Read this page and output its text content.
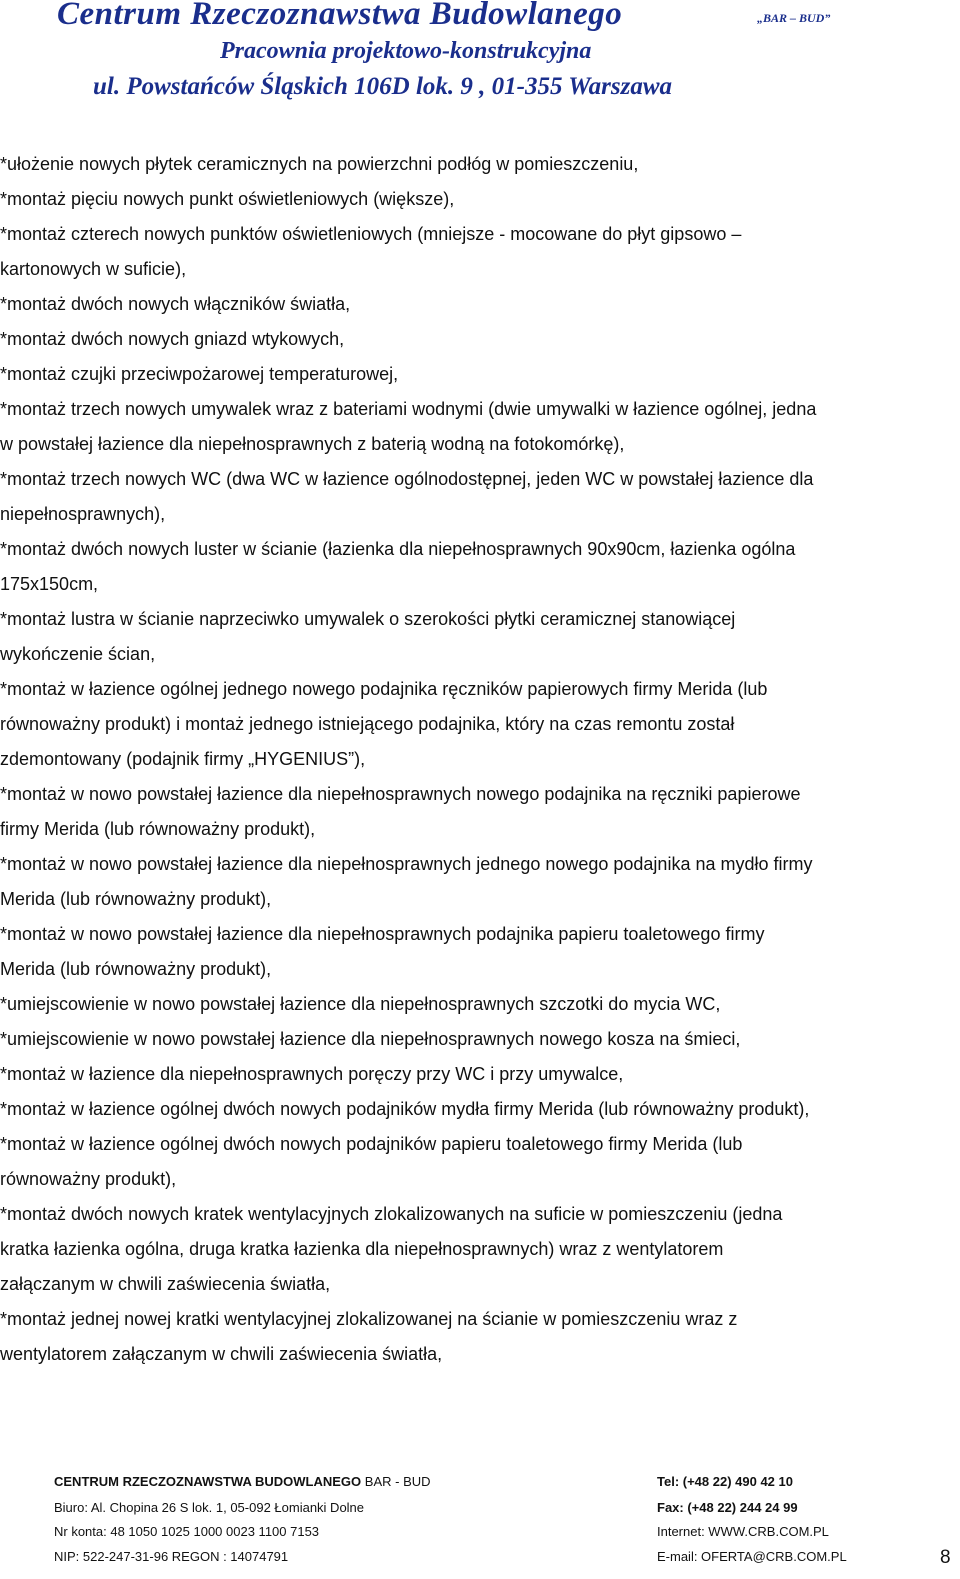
Centrum Rzeczoznawstwa Budowlanego	„BAR – BUD”
Pracownia projektowo-konstrukcyjna
ul. Powstańców Śląskich 106D lok. 9 , 01-355 Warszawa

*ułożenie nowych płytek ceramicznych na powierzchni podłóg w pomieszczeniu,

*montaż pięciu nowych punkt oświetleniowych (większe),

*montaż czterech nowych punktów oświetleniowych (mniejsze - mocowane do płyt gipsowo –

kartonowych w suficie),

*montaż dwóch nowych włączników światła,

*montaż dwóch nowych gniazd wtykowych,

*montaż czujki przeciwpożarowej temperaturowej,

*montaż trzech nowych umywalek wraz z bateriami wodnymi (dwie umywalki w łazience ogólnej, jedna

w powstałej łazience dla niepełnosprawnych z baterią wodną na fotokomórkę),

*montaż trzech nowych WC (dwa WC w łazience ogólnodostępnej, jeden WC w powstałej łazience dla

niepełnosprawnych),

*montaż dwóch nowych luster w ścianie (łazienka dla niepełnosprawnych 90x90cm, łazienka ogólna

175x150cm,

*montaż lustra w ścianie naprzeciwko umywalek o szerokości płytki ceramicznej stanowiącej

wykończenie ścian,

*montaż w łazience ogólnej jednego nowego podajnika ręczników papierowych firmy Merida (lub

równoważny produkt) i montaż jednego istniejącego podajnika, który na czas remontu został

zdemontowany (podajnik firmy „HYGENIUS”),

*montaż w nowo powstałej łazience dla niepełnosprawnych nowego podajnika na ręczniki papierowe

firmy Merida (lub równoważny produkt),

*montaż w nowo powstałej łazience dla niepełnosprawnych jednego nowego podajnika na mydło firmy

Merida (lub równoważny produkt),

*montaż w nowo powstałej łazience dla niepełnosprawnych podajnika papieru toaletowego firmy

Merida (lub równoważny produkt),

*umiejscowienie w nowo powstałej łazience dla niepełnosprawnych szczotki do mycia WC,

*umiejscowienie w nowo powstałej łazience dla niepełnosprawnych nowego kosza na śmieci,

*montaż w łazience dla niepełnosprawnych poręczy przy WC i przy umywalce,

*montaż w łazience ogólnej dwóch nowych podajników mydła firmy Merida (lub równoważny produkt),

*montaż w łazience ogólnej dwóch nowych podajników papieru toaletowego firmy Merida (lub

równoważny produkt),

*montaż dwóch nowych kratek wentylacyjnych zlokalizowanych na suficie w pomieszczeniu (jedna

kratka łazienka ogólna, druga kratka łazienka dla niepełnosprawnych) wraz z wentylatorem

załączanym w chwili zaświecenia światła,

*montaż jednej nowej kratki wentylacyjnej zlokalizowanej na ścianie w pomieszczeniu wraz z

wentylatorem załączanym w chwili zaświecenia światła,

CENTRUM RZECZOZNAWSTWA BUDOWLANEGO BAR - BUD
Biuro: Al. Chopina 26 S lok. 1, 05-092 Łomianki Dolne
Nr konta: 48 1050 1025 1000 0023 1100 7153
NIP: 522-247-31-96 REGON : 14074791
Tel: (+48 22) 490 42 10
Fax: (+48 22) 244 24 99
Internet: WWW.CRB.COM.PL
E-mail: OFERTA@CRB.COM.PL	8
